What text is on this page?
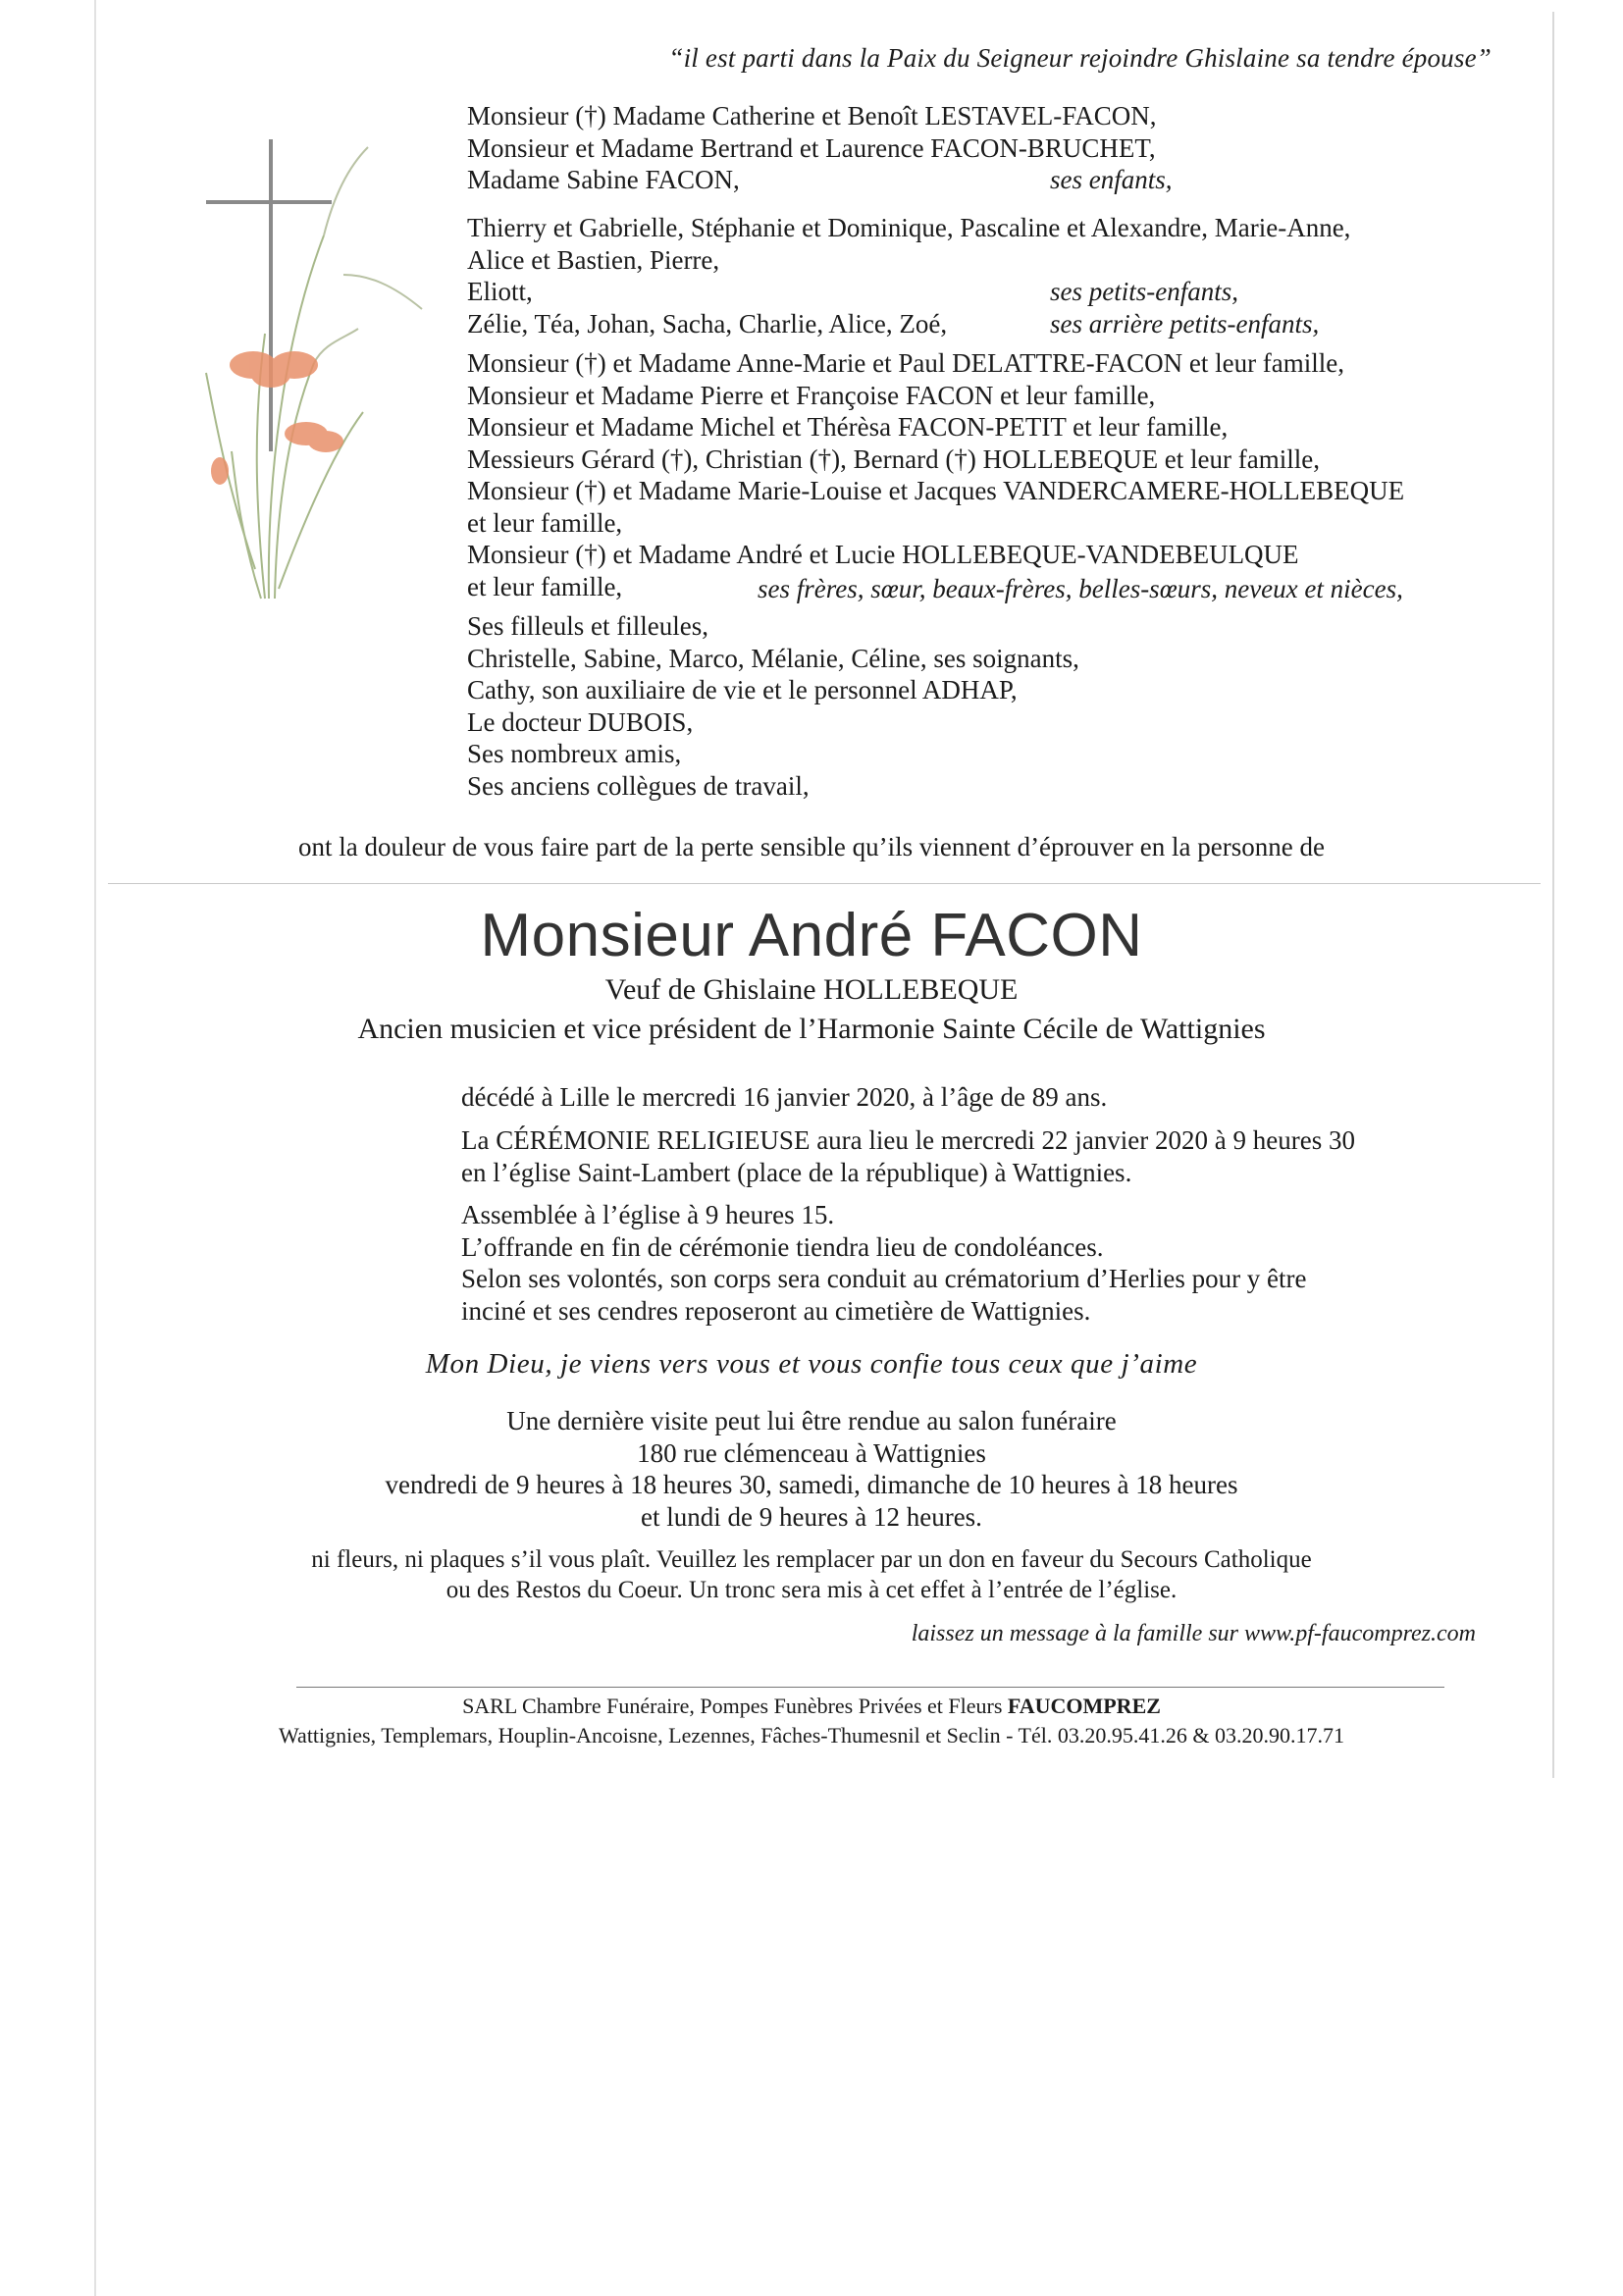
“il est parti dans la Paix du Seigneur rejoindre Ghislaine sa tendre épouse”
Monsieur (†) Madame Catherine et Benoît LESTAVEL-FACON,
Monsieur et Madame Bertrand et Laurence FACON-BRUCHET,
Madame Sabine FACON,	ses enfants,
Thierry et Gabrielle, Stéphanie et Dominique, Pascaline et Alexandre, Marie-Anne,
Alice et Bastien, Pierre,
Eliott,	ses petits-enfants,
Zélie, Téa, Johan, Sacha, Charlie, Alice, Zoé,	ses arrière petits-enfants,
Monsieur (†) et Madame Anne-Marie et Paul DELATTRE-FACON et leur famille,
Monsieur et Madame Pierre et Françoise FACON et leur famille,
Monsieur et Madame Michel et Thérèsa FACON-PETIT et leur famille,
Messieurs Gérard (†), Christian (†), Bernard (†) HOLLEBEQUE et leur famille,
Monsieur (†) et Madame Marie-Louise et Jacques VANDERCAMERE-HOLLEBEQUE
et leur famille,
Monsieur (†) et Madame André et Lucie HOLLEBEQUE-VANDEBEULQUE
et leur famille,	ses frères, sœur, beaux-frères, belles-sœurs, neveux et nièces,
Ses filleuls et filleules,
Christelle, Sabine, Marco, Mélanie, Céline, ses soignants,
Cathy, son auxiliaire de vie et le personnel ADHAP,
Le docteur DUBOIS,
Ses nombreux amis,
Ses anciens collègues de travail,
ont la douleur de vous faire part de la perte sensible qu’ils viennent d’éprouver en la personne de
Monsieur André FACON
Veuf de Ghislaine HOLLEBEQUE
Ancien musicien et vice président de l’Harmonie Sainte Cécile de Wattignies
décédé à Lille le mercredi 16 janvier 2020, à l’âge de 89 ans.
La CÉRÉMONIE RELIGIEUSE aura lieu le mercredi 22 janvier 2020 à 9 heures 30
en l’église Saint-Lambert (place de la république) à Wattignies.
Assemblée à l’église à 9 heures 15.
L’offrande en fin de cérémonie tiendra lieu de condoléances.
Selon ses volontés, son corps sera conduit au crématorium d’Herlies pour y être
inciné et ses cendres reposeront au cimetière de Wattignies.
Mon Dieu, je viens vers vous et vous confie tous ceux que j’aime
Une dernière visite peut lui être rendue au salon funéraire
180 rue clémenceau à Wattignies
vendredi de 9 heures à 18 heures 30, samedi, dimanche de 10 heures à 18 heures
et lundi de 9 heures à 12 heures.
ni fleurs, ni plaques s’il vous plaît. Veuillez les remplacer par un don en faveur du Secours Catholique
ou des Restos du Coeur. Un tronc sera mis à cet effet à l’entrée de l’église.
laissez un message à la famille sur www.pf-faucomprez.com
SARL Chambre Funéraire, Pompes Funèbres Privées et Fleurs FAUCOMPREZ
Wattignies, Templemars, Houplin-Ancoisne, Lezennes, Fâches-Thumesnil et Seclin - Tél. 03.20.95.41.26 & 03.20.90.17.71
